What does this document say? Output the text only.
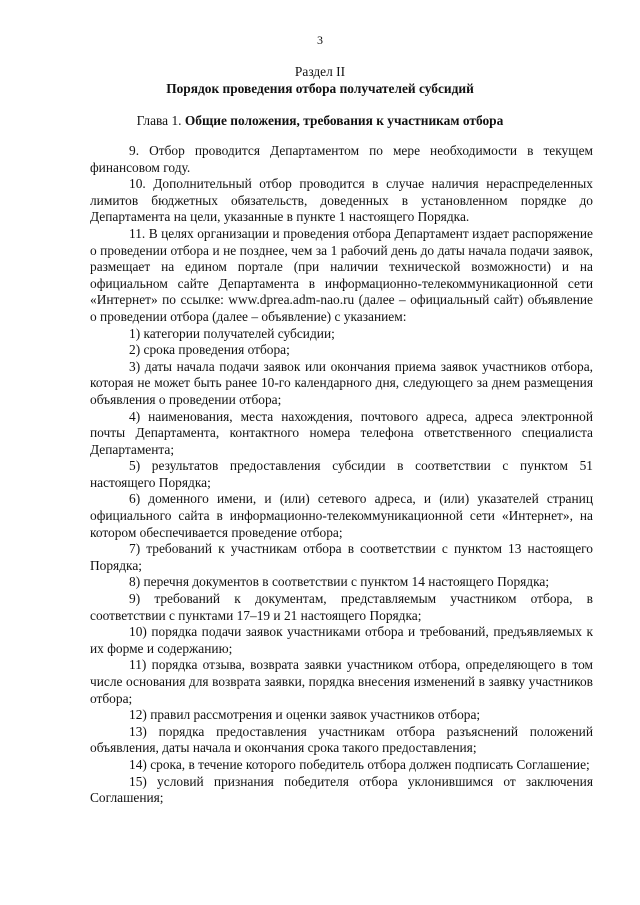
3
Раздел II
Порядок проведения отбора получателей субсидий
Глава 1. Общие положения, требования к участникам отбора

9. Отбор проводится Департаментом по мере необходимости в текущем финансовом году.

10. Дополнительный отбор проводится в случае наличия нераспределенных лимитов бюджетных обязательств, доведенных в установленном порядке до Департамента на цели, указанные в пункте 1 настоящего Порядка.

11. В целях организации и проведения отбора Департамент издает распоряжение о проведении отбора и не позднее, чем за 1 рабочий день до даты начала подачи заявок, размещает на едином портале (при наличии технической возможности) и на официальном сайте Департамента в информационно-телекоммуникационной сети «Интернет» по ссылке: www.dprea.adm-nao.ru (далее – официальный сайт) объявление о проведении отбора (далее – объявление) с указанием:

1) категории получателей субсидии;

2) срока проведения отбора;

3) даты начала подачи заявок или окончания приема заявок участников отбора, которая не может быть ранее 10-го календарного дня, следующего за днем размещения объявления о проведении отбора;

4) наименования, места нахождения, почтового адреса, адреса электронной почты Департамента, контактного номера телефона ответственного специалиста Департамента;

5) результатов предоставления субсидии в соответствии с пунктом 51 настоящего Порядка;

6) доменного имени, и (или) сетевого адреса, и (или) указателей страниц официального сайта в информационно-телекоммуникационной сети «Интернет», на котором обеспечивается проведение отбора;

7) требований к участникам отбора в соответствии с пунктом 13 настоящего Порядка;

8) перечня документов в соответствии с пунктом 14 настоящего Порядка;

9) требований к документам, представляемым участником отбора, в соответствии с пунктами 17–19 и 21 настоящего Порядка;

10) порядка подачи заявок участниками отбора и требований, предъявляемых к их форме и содержанию;

11) порядка отзыва, возврата заявки участником отбора, определяющего в том числе основания для возврата заявки, порядка внесения изменений в заявку участников отбора;

12) правил рассмотрения и оценки заявок участников отбора;

13) порядка предоставления участникам отбора разъяснений положений объявления, даты начала и окончания срока такого предоставления;

14) срока, в течение которого победитель отбора должен подписать Соглашение;

15) условий признания победителя отбора уклонившимся от заключения Соглашения;
